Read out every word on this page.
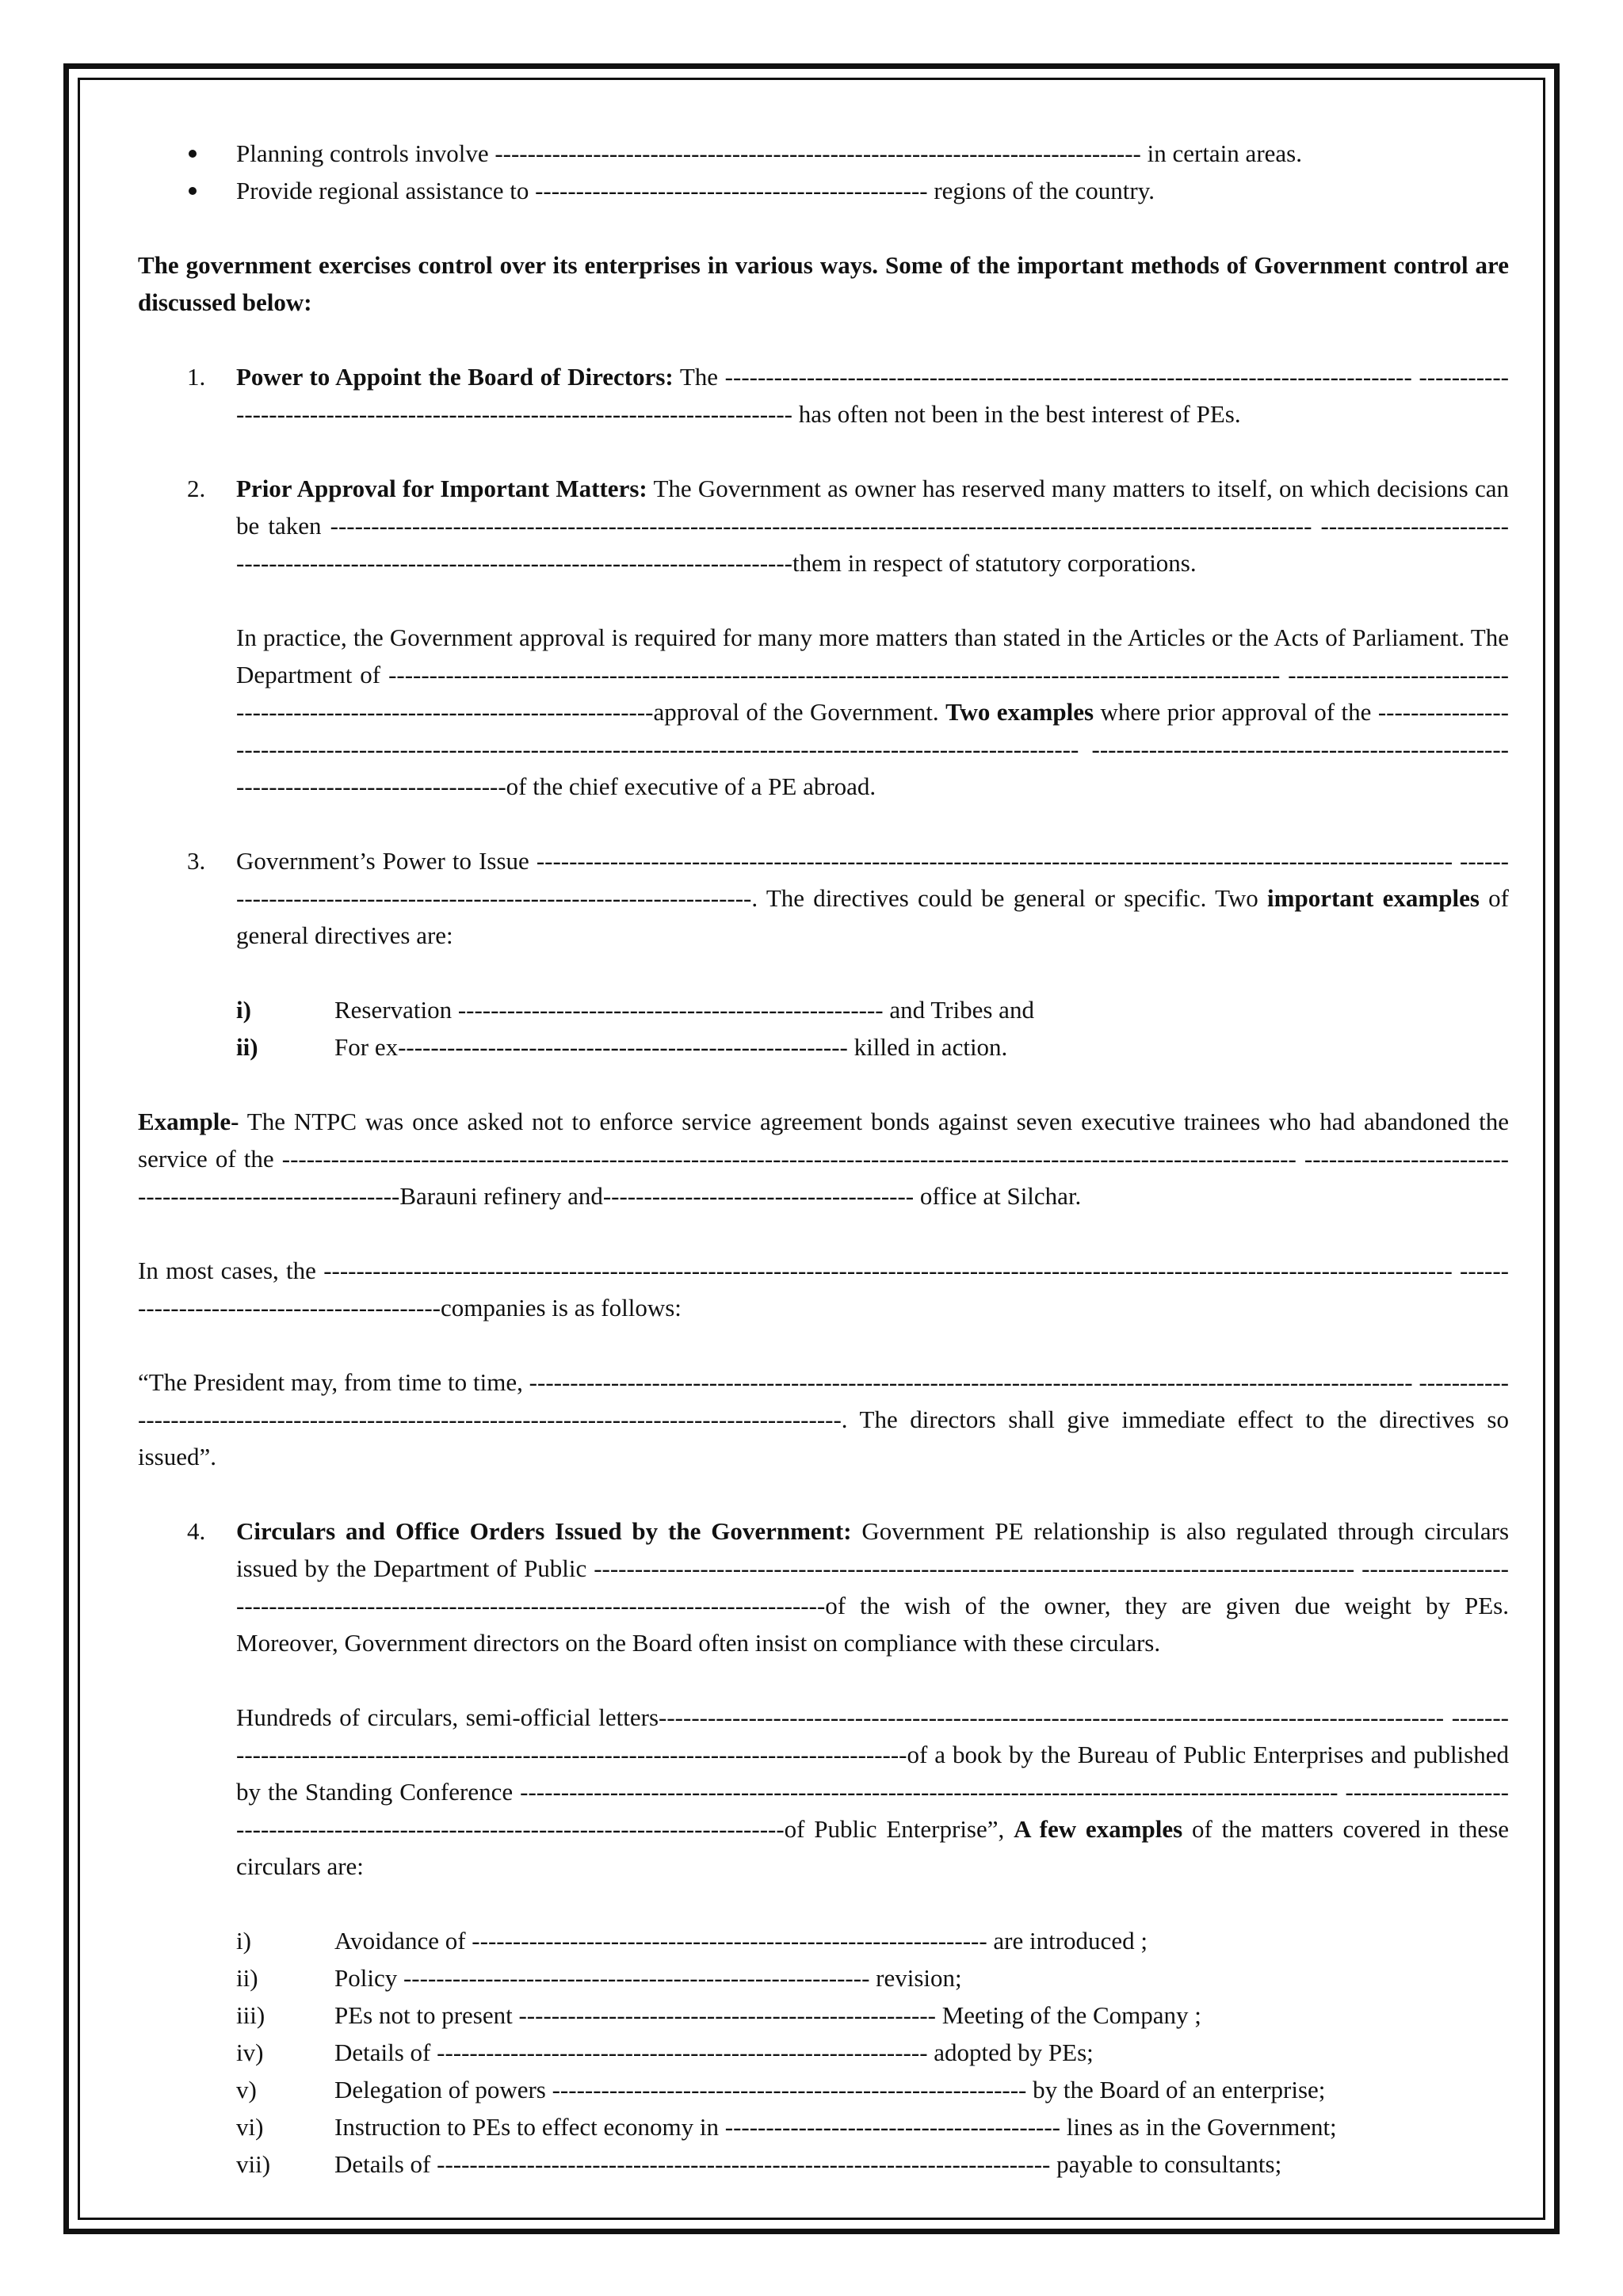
Planning controls involve ------------------------------------------------------------------------------- in certain areas.
Provide regional assistance to ------------------------------------------------ regions of the country.

The government exercises control over its enterprises in various ways. Some of the important methods of Government control are discussed below:

1. Power to Appoint the Board of Directors: The ------------------------------------------------------------------------------------ ------------------------------------------------------------------------------- has often not been in the best interest of PEs.

2. Prior Approval for Important Matters: The Government as owner has reserved many matters to itself, on which decisions can be taken ------------------------------------------------------------------------------------------------------------------------ -------------------------------------------------------------------------------------------them in respect of statutory corporations.

In practice, the Government approval is required for many more matters than stated in the Articles or the Acts of Parliament. The Department of ------------------------------------------------------------------------------------------------------------- ------------------------------------------------------------------------------approval of the Government. Two examples where prior approval of the ----------------------------------------------------------------------------------------------------------------------- ------------------------------------------------------------------------------------of the chief executive of a PE abroad.

3. Government’s Power to Issue ---------------------------------------------------------------------------------------------------------------- ---------------------------------------------------------------------. The directives could be general or specific. Two important examples of general directives are:

i)	Reservation ---------------------------------------------------- and Tribes and
ii)	For ex------------------------------------------------------- killed in action.

Example- The NTPC was once asked not to enforce service agreement bonds against seven executive trainees who had abandoned the service of the ---------------------------------------------------------------------------------------------------------------------------- ---------------------------------------------------------Barauni refinery and-------------------------------------- office at Silchar.

In most cases, the ------------------------------------------------------------------------------------------------------------------------------------------ -------------------------------------------companies is as follows:

“The President may, from time to time, ------------------------------------------------------------------------------------------------------------ -------------------------------------------------------------------------------------------------. The directors shall give immediate effect to the directives so issued”.

4. Circulars and Office Orders Issued by the Government: Government PE relationship is also regulated through circulars issued by the Department of Public --------------------------------------------------------------------------------------------- ------------------------------------------------------------------------------------------of the wish of the owner, they are given due weight by PEs. Moreover, Government directors on the Board often insist on compliance with these circulars.

Hundreds of circulars, semi-official letters------------------------------------------------------------------------------------------------ -----------------------------------------------------------------------------------------of a book by the Bureau of Public Enterprises and published by the Standing Conference ---------------------------------------------------------------------------------------------------- ---------------------------------------------------------------------------------------of Public Enterprise”, A few examples of the matters covered in these circulars are:

i)	Avoidance of --------------------------------------------------------------- are introduced ;
ii)	Policy --------------------------------------------------------- revision;
iii)	PEs not to present --------------------------------------------------- Meeting of the Company ;
iv)	Details of ------------------------------------------------------------ adopted by PEs;
v)	Delegation of powers ---------------------------------------------------------- by the Board of an enterprise;
vi)	Instruction to PEs to effect economy in ----------------------------------------- lines as in the Government;
vii)	Details of --------------------------------------------------------------------------- payable to consultants;
